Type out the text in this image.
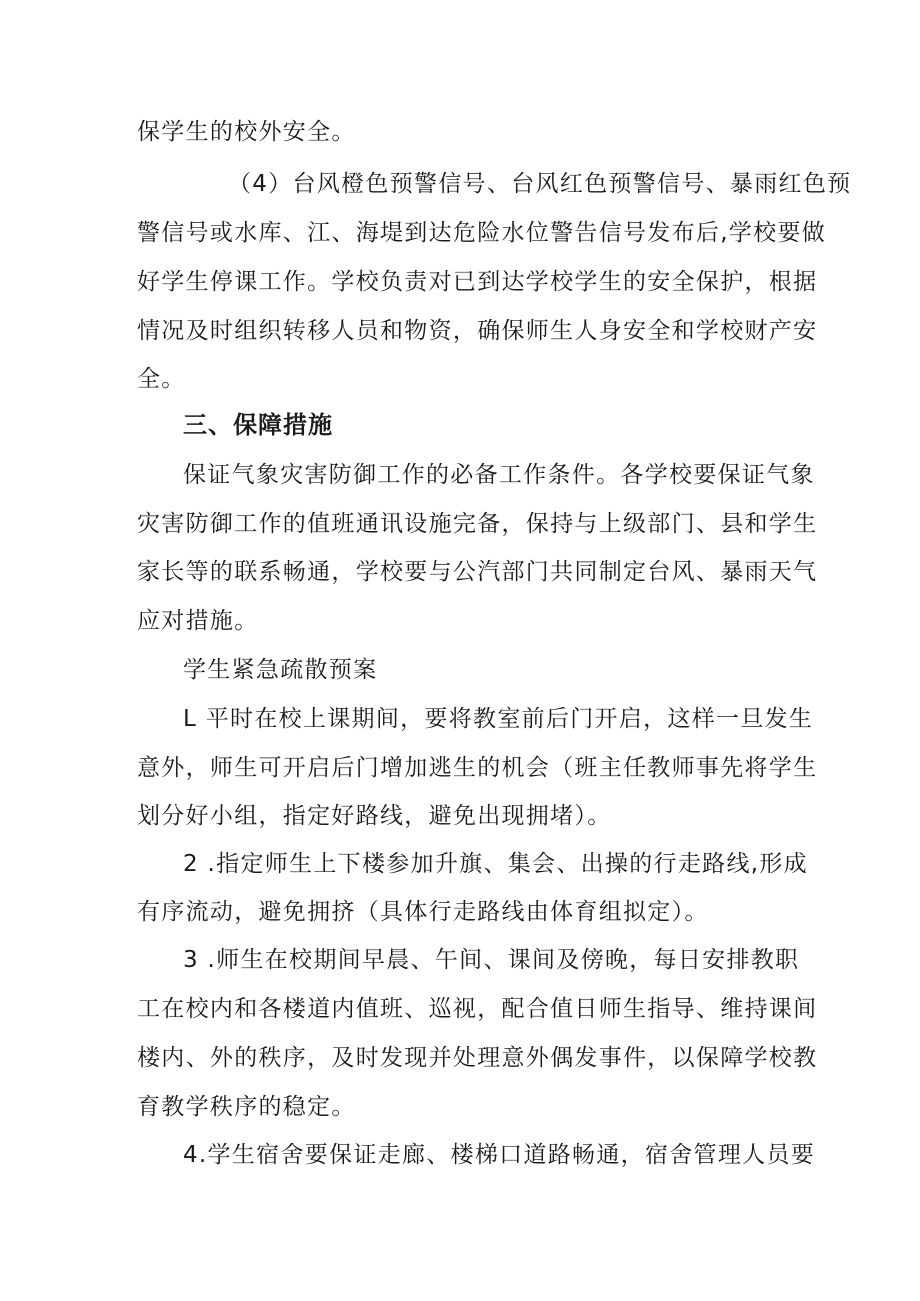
保学生的校外安全。
（4）台风橙色预警信号、台风红色预警信号、暴雨红色预
警信号或水库、江、海堤到达危险水位警告信号发布后,学校要做
好学生停课工作。学校负责对已到达学校学生的安全保护，根据
情况及时组织转移人员和物资，确保师生人身安全和学校财产安
全。
三、保障措施
保证气象灾害防御工作的必备工作条件。各学校要保证气象
灾害防御工作的值班通讯设施完备，保持与上级部门、县和学生
家长等的联系畅通，学校要与公汽部门共同制定台风、暴雨天气
应对措施。
学生紧急疏散预案
L 平时在校上课期间，要将教室前后门开启，这样一旦发生
意外，师生可开启后门增加逃生的机会（班主任教师事先将学生
划分好小组，指定好路线，避免出现拥堵）。
2 .指定师生上下楼参加升旗、集会、出操的行走路线,形成
有序流动，避免拥挤（具体行走路线由体育组拟定）。
3 .师生在校期间早晨、午间、课间及傍晚，每日安排教职
工在校内和各楼道内值班、巡视，配合值日师生指导、维持课间
楼内、外的秩序，及时发现并处理意外偶发事件，以保障学校教
育教学秩序的稳定。
4.学生宿舍要保证走廊、楼梯口道路畅通，宿舍管理人员要
